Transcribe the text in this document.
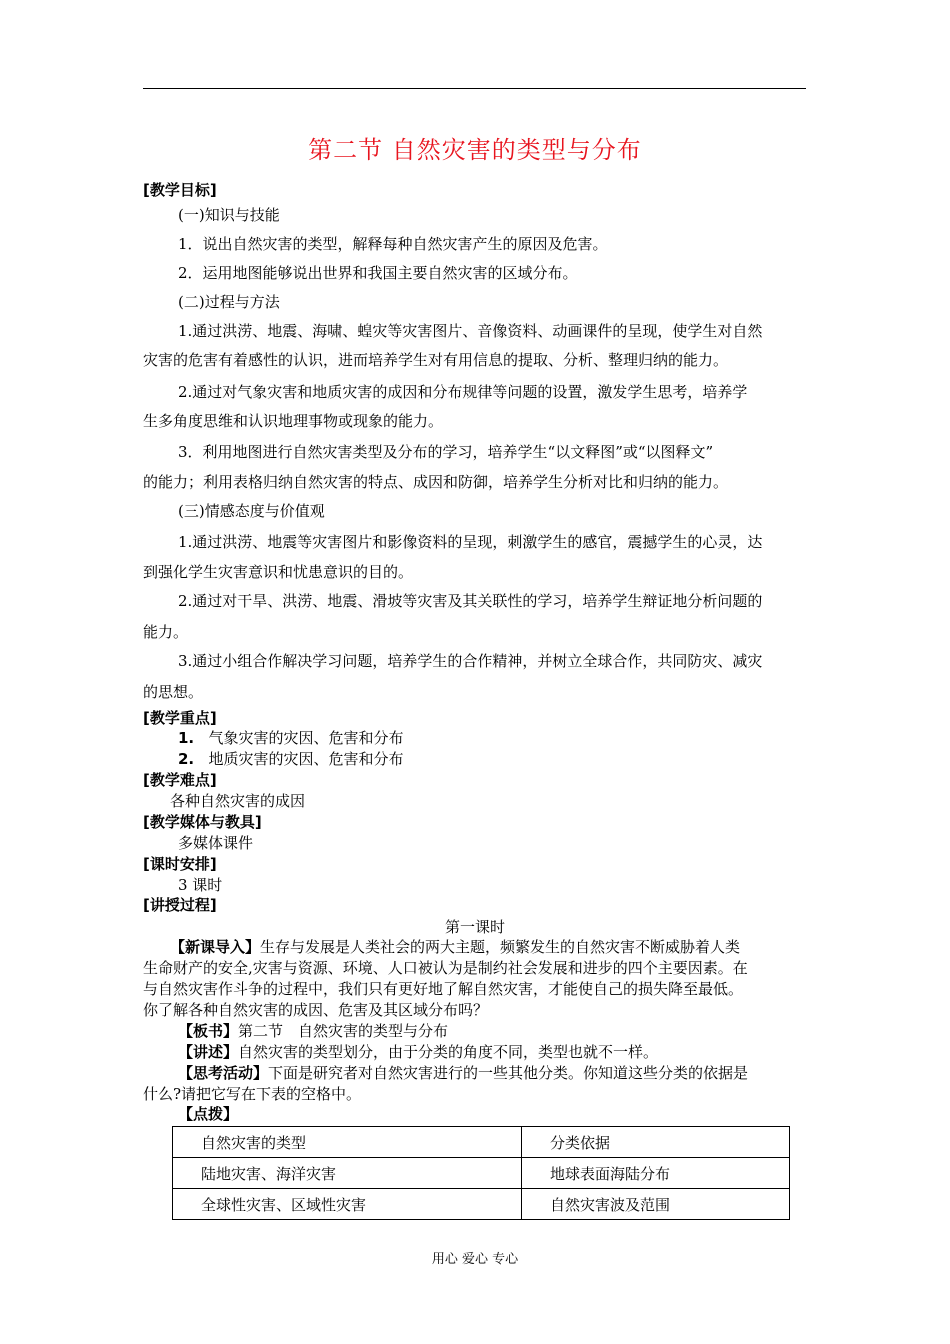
第二节 自然灾害的类型与分布
[教学目标]
(一)知识与技能
1．说出自然灾害的类型，解释每种自然灾害产生的原因及危害。
2．运用地图能够说出世界和我国主要自然灾害的区域分布。
(二)过程与方法
1.通过洪涝、地震、海啸、蝗灾等灾害图片、音像资料、动画课件的呈现，使学生对自然
灾害的危害有着感性的认识，进而培养学生对有用信息的提取、分析、整理归纳的能力。
2.通过对气象灾害和地质灾害的成因和分布规律等问题的设置，激发学生思考，培养学
生多角度思维和认识地理事物或现象的能力。
3．利用地图进行自然灾害类型及分布的学习，培养学生“以文释图”或“以图释文”
的能力；利用表格归纳自然灾害的特点、成因和防御，培养学生分析对比和归纳的能力。
(三)情感态度与价值观
1.通过洪涝、地震等灾害图片和影像资料的呈现，刺激学生的感官，震撼学生的心灵，达
到强化学生灾害意识和忧患意识的目的。
2.通过对干旱、洪涝、地震、滑坡等灾害及其关联性的学习，培养学生辩证地分析问题的
能力。
3.通过小组合作解决学习问题，培养学生的合作精神，并树立全球合作，共同防灾、减灾
的思想。
[教学重点]
1. 气象灾害的灾因、危害和分布
2. 地质灾害的灾因、危害和分布
[教学难点]
各种自然灾害的成因
[教学媒体与教具]
多媒体课件
[课时安排]
3 课时
[讲授过程]
第一课时
【新课导入】生存与发展是人类社会的两大主题，频繁发生的自然灾害不断威胁着人类
生命财产的安全,灾害与资源、环境、人口被认为是制约社会发展和进步的四个主要因素。在
与自然灾害作斗争的过程中，我们只有更好地了解自然灾害，才能使自己的损失降至最低。
你了解各种自然灾害的成因、危害及其区域分布吗？
【板书】第二节　自然灾害的类型与分布
【讲述】自然灾害的类型划分，由于分类的角度不同，类型也就不一样。
【思考活动】下面是研究者对自然灾害进行的一些其他分类。你知道这些分类的依据是
什么?请把它写在下表的空格中。
【点拨】
自然灾害的类型	分类依据
陆地灾害、海洋灾害	地球表面海陆分布
全球性灾害、区域性灾害	自然灾害波及范围
用心 爱心 专心
